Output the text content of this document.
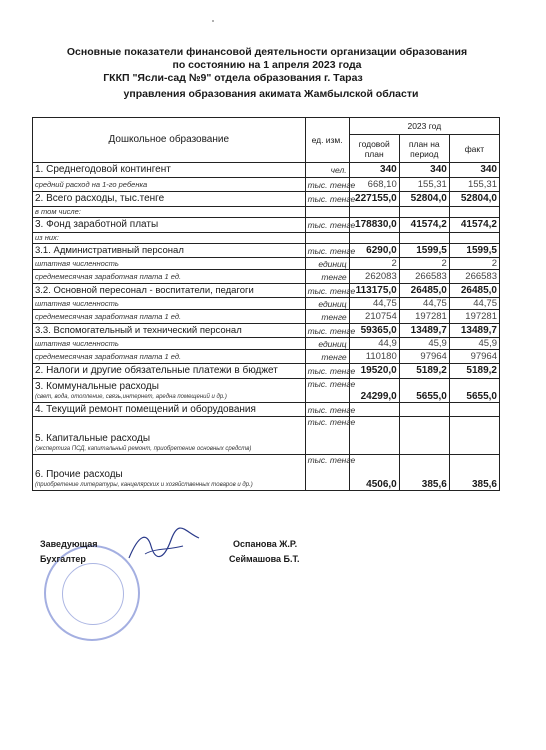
Основные показатели финансовой деятельности организации образования
по состоянию на 1 апреля 2023 года
ГККП "Ясли-сад №9" отдела образования г. Тараз
управления образования акимата Жамбылской области
Дошкольное образование	ед. изм.	2023 год		
		годовой план	план на период	факт
1. Среднегодовой контингент	чел.	340	340	340
средний расход на 1-го ребенка	тыс. тенге	668,10	155,31	155,31
2. Всего расходы, тыс.тенге	тыс. тенге	227155,0	52804,0	52804,0
в том числе:				
3. Фонд заработной платы	тыс. тенге	178830,0	41574,2	41574,2
из них:				
3.1. Административный персонал	тыс. тенге	6290,0	1599,5	1599,5
штатная численность	единиц	2	2	2
среднемесячная заработная плата 1 ед.	тенге	262083	266583	266583
3.2. Основной пересонал - воспитатели, педагоги	тыс. тенге	113175,0	26485,0	26485,0
штатная численность	единиц	44,75	44,75	44,75
среднемесячная заработная плата 1 ед.	тенге	210754	197281	197281
3.3. Вспомогательный и технический персонал	тыс. тенге	59365,0	13489,7	13489,7
штатная численность	единиц	44,9	45,9	45,9
среднемесячная заработная плата 1 ед.	тенге	110180	97964	97964
2. Налоги и другие обязательные платежи в бюджет	тыс. тенге	19520,0	5189,2	5189,2
3. Коммунальные расходы
(свет, вода, отопление, связь,интернет, аредна помещений и др.)	тыс. тенге	24299,0	5655,0	5655,0
4. Текущий ремонт помещений и оборудования	тыс. тенге			
5. Капитальные расходы
(экспертиза ПСД, капитальный ремонт, приобретение основных средств)	тыс. тенге			
6. Прочие расходы
(приобретение литературы, канцелярских и хозяйственных товаров и др.)	тыс. тенге	4506,0	385,6	385,6
Заведующая	Оспанова Ж.Р.
Бухгалтер	Сеймашова Б.Т.
